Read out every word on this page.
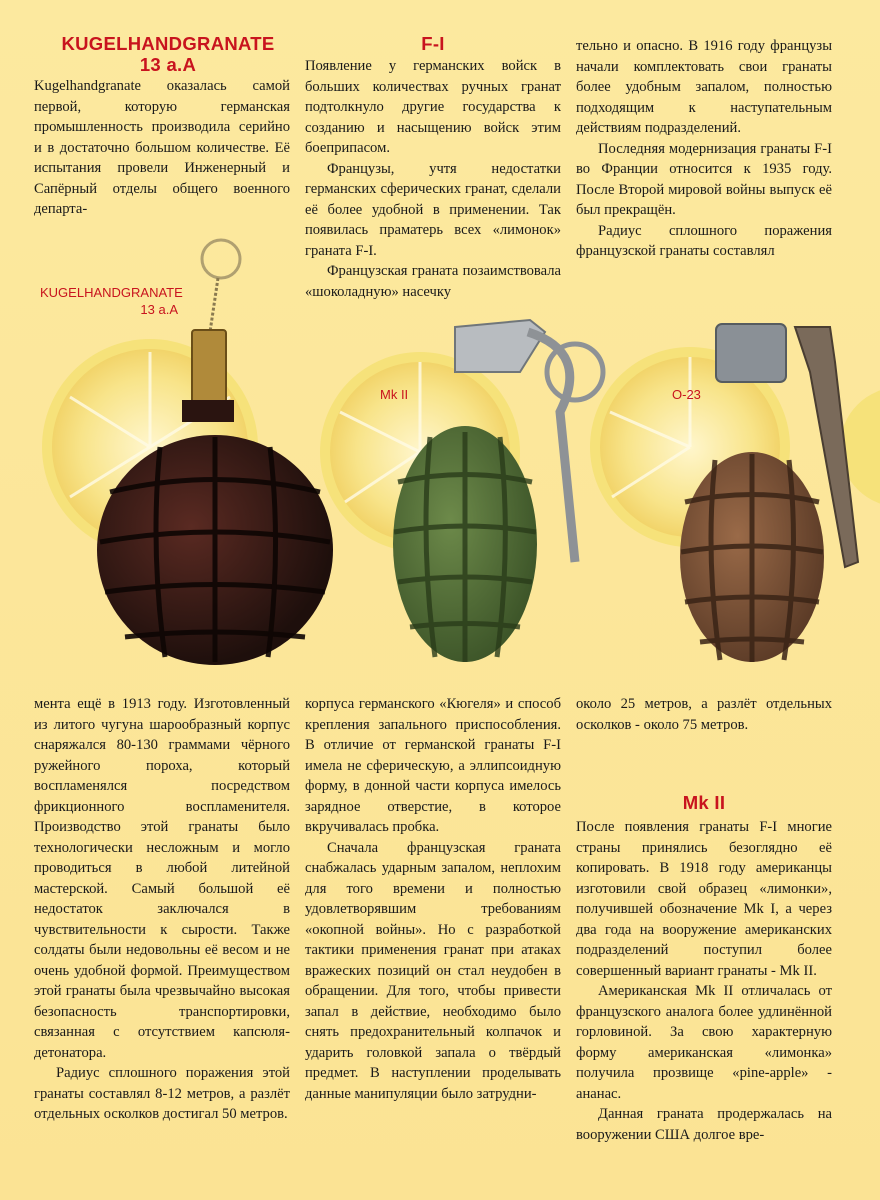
KUGELHANDGRANATE
13 a.A
F-I

Kugelhandgranate оказалась самой первой, которую германская промышленность производила серийно и в достаточно большом количестве. Её испытания провели Инженерный и Сапёрный отделы общего военного департа-

Появление у германских войск в больших количествах ручных гранат подтолкнуло другие государства к созданию и насыщению войск этим боеприпасом.

Французы, учтя недостатки германских сферических гранат, сделали её более удобной в применении. Так появилась праматерь всех «лимонок» граната F-I.

Французская граната позаимствовала «шоколадную» насечку

тельно и опасно. В 1916 году французы начали комплектовать свои гранаты более удобным запалом, полностью подходящим к наступательным действиям подразделений.

Последняя модернизация гранаты F-I во Франции относится к 1935 году. После Второй мировой войны выпуск её был прекращён.

Радиус сплошного поражения французской гранаты составлял

KUGELHANDGRANATE
13 a.A
Mk II	O-23

мента ещё в 1913 году. Изготовленный из литого чугуна шарообразный корпус снаряжался 80-130 граммами чёрного ружейного пороха, который воспламенялся посредством фрикционного воспламенителя. Производство этой гранаты было технологически несложным и могло проводиться в любой литейной мастерской. Самый большой её недостаток заключался в чувствительности к сырости. Также солдаты были недовольны её весом и не очень удобной формой. Преимуществом этой гранаты была чрезвычайно высокая безопасность транспортировки, связанная с отсутствием капсюля-детонатора.

Радиус сплошного поражения этой гранаты составлял 8-12 метров, а разлёт отдельных осколков достигал 50 метров.

корпуса германского «Кюгеля» и способ крепления запального приспособления. В отличие от германской гранаты F-I имела не сферическую, а эллипсоидную форму, в донной части корпуса имелось зарядное отверстие, в которое вкручивалась пробка.

Сначала французская граната снабжалась ударным запалом, неплохим для того времени и полностью удовлетворявшим требованиям «окопной войны». Но с разработкой тактики применения гранат при атаках вражеских позиций он стал неудобен в обращении. Для того, чтобы привести запал в действие, необходимо было снять предохранительный колпачок и ударить головкой запала о твёрдый предмет. В наступлении проделывать данные манипуляции было затрудни-

около 25 метров, а разлёт отдельных осколков - около 75 метров.

Mk II

После появления гранаты F-I многие страны принялись безоглядно её копировать. В 1918 году американцы изготовили свой образец «лимонки», получившей обозначение Mk I, а через два года на вооружение американских подразделений поступил более совершенный вариант гранаты - Mk II.

Американская Mk II отличалась от французского аналога более удлинённой горловиной. За свою характерную форму американская «лимонка» получила прозвище «pine-apple» - ананас.

Данная граната продержалась на вооружении США долгое вре-
